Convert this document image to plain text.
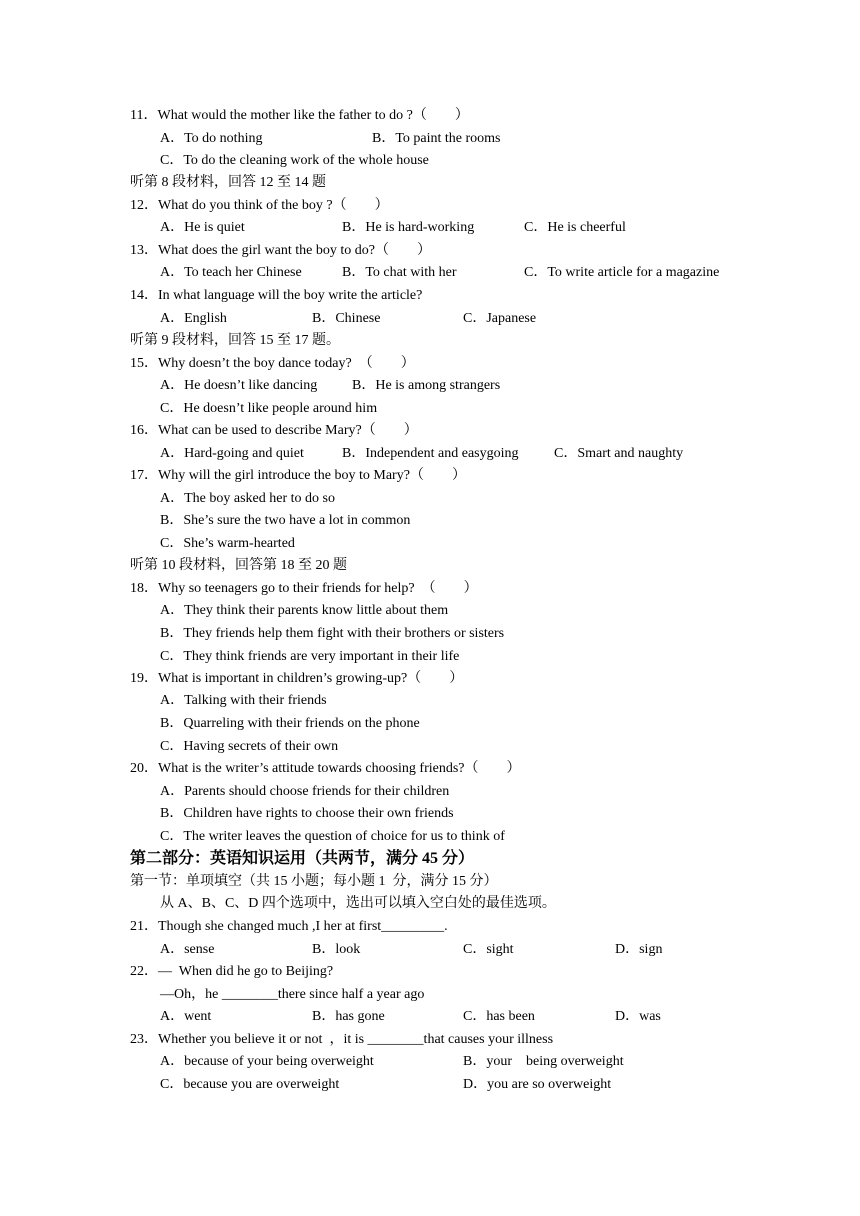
11．What would the mother like the father to do ?（　　）
A．To do nothing	B．To paint the rooms
C．To do the cleaning work of the whole house
听第 8 段材料，回答 12 至 14 题
12．What do you think of the boy ?（　　）
A．He is quiet	B．He is hard-working	C．He is cheerful
13．What does the girl want the boy to do?（　　）
A．To teach her Chinese	B．To chat with her	C．To write article for a magazine
14．In what language will the boy write the article?
A．English	B．Chinese	C．Japanese
听第 9 段材料，回答 15 至 17 题。
15．Why doesn’t the boy dance today?  （　　）
A．He doesn’t like dancing B．He is among strangers
C．He doesn’t like people around him
16．What can be used to describe Mary?（　　）
A．Hard-going and quiet	B．Independent and easygoing	C．Smart and naughty
17．Why will the girl introduce the boy to Mary?（　　）
A．The boy asked her to do so
B．She’s sure the two have a lot in common
C．She’s warm-hearted
听第 10 段材料，回答第 18 至 20 题
18．Why so teenagers go to their friends for help?  （　　）
A．They think their parents know little about them
B．They friends help them fight with their brothers or sisters
C．They think friends are very important in their life
19．What is important in children’s growing-up?（　　）
A．Talking with their friends
B．Quarreling with their friends on the phone
C．Having secrets of their own
20．What is the writer’s attitude towards choosing friends?（　　）
A．Parents should choose friends for their children
B．Children have rights to choose their own friends
C．The writer leaves the question of choice for us to think of
第二部分：英语知识运用（共两节，满分 45 分）
第一节：单项填空（共 15 小题；每小题 1  分，满分 15 分）
从 A、B、C、D 四个选项中，选出可以填入空白处的最佳选项。
21．Though she changed much ,I her at first_________.
A．sense	B．look	C．sight	D．sign
22．—  When did he go to Beijing?
—Oh，he ________there since half a year ago
A．went	B．has gone	C．has been	D．was
23．Whether you believe it or not  ，it is ________that causes your illness
A．because of your being overweight	B．your    being overweight
C．because you are overweight	D．you are so overweight
